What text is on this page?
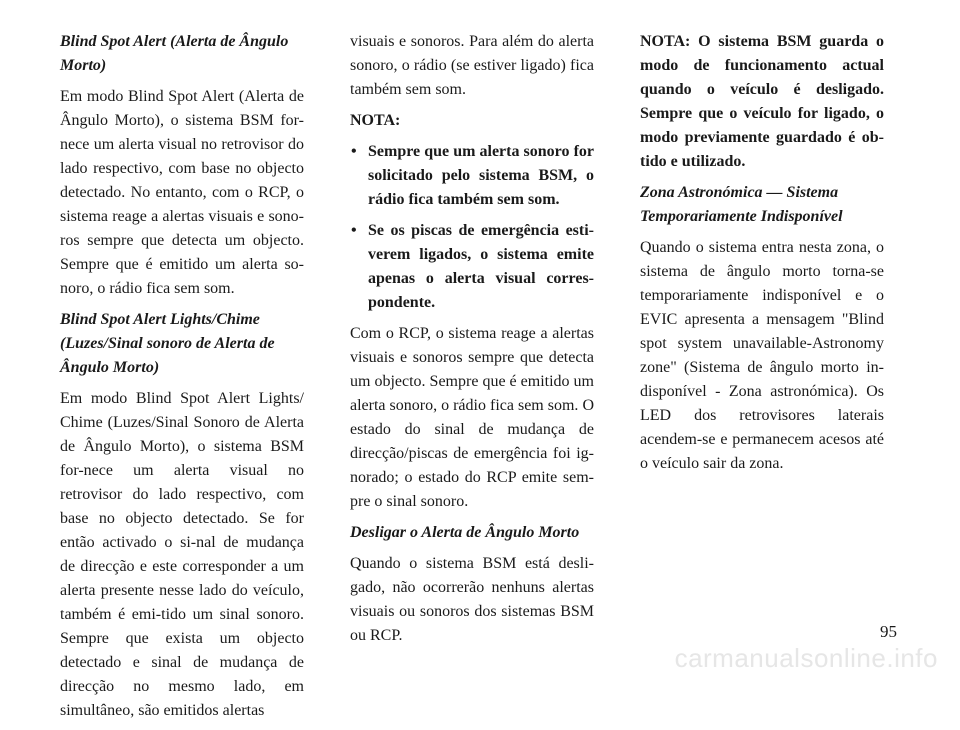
Blind Spot Alert (Alerta de Ângulo Morto)
Em modo Blind Spot Alert (Alerta de Ângulo Morto), o sistema BSM for-nece um alerta visual no retrovisor do lado respectivo, com base no objecto detectado. No entanto, com o RCP, o sistema reage a alertas visuais e sono-ros sempre que detecta um objecto. Sempre que é emitido um alerta so-noro, o rádio fica sem som.
Blind Spot Alert Lights/Chime (Luzes/Sinal sonoro de Alerta de Ângulo Morto)
Em modo Blind Spot Alert Lights/ Chime (Luzes/Sinal Sonoro de Alerta de Ângulo Morto), o sistema BSM for-nece um alerta visual no retrovisor do lado respectivo, com base no objecto detectado. Se for então activado o si-nal de mudança de direcção e este corresponder a um alerta presente nesse lado do veículo, também é emi-tido um sinal sonoro. Sempre que exista um objecto detectado e sinal de mudança de direcção no mesmo lado, em simultâneo, são emitidos alertas
visuais e sonoros. Para além do alerta sonoro, o rádio (se estiver ligado) fica também sem som.
NOTA:
• Sempre que um alerta sonoro for solicitado pelo sistema BSM, o rádio fica também sem som.
• Se os piscas de emergência esti-verem ligados, o sistema emite apenas o alerta visual corres-pondente.
Com o RCP, o sistema reage a alertas visuais e sonoros sempre que detecta um objecto. Sempre que é emitido um alerta sonoro, o rádio fica sem som. O estado do sinal de mudança de direcção/piscas de emergência foi ig-norado; o estado do RCP emite sem-pre o sinal sonoro.
Desligar o Alerta de Ângulo Morto
Quando o sistema BSM está desli-gado, não ocorrerão nenhuns alertas visuais ou sonoros dos sistemas BSM ou RCP.
NOTA: O sistema BSM guarda o modo de funcionamento actual quando o veículo é desligado. Sempre que o veículo for ligado, o modo previamente guardado é ob-tido e utilizado.
Zona Astronómica — Sistema Temporariamente Indisponível
Quando o sistema entra nesta zona, o sistema de ângulo morto torna-se temporariamente indisponível e o EVIC apresenta a mensagem "Blind spot system unavailable-Astronomy zone" (Sistema de ângulo morto in-disponível - Zona astronómica). Os LED dos retrovisores laterais acendem-se e permanecem acesos até o veículo sair da zona.
95
carmanualsonline.info
